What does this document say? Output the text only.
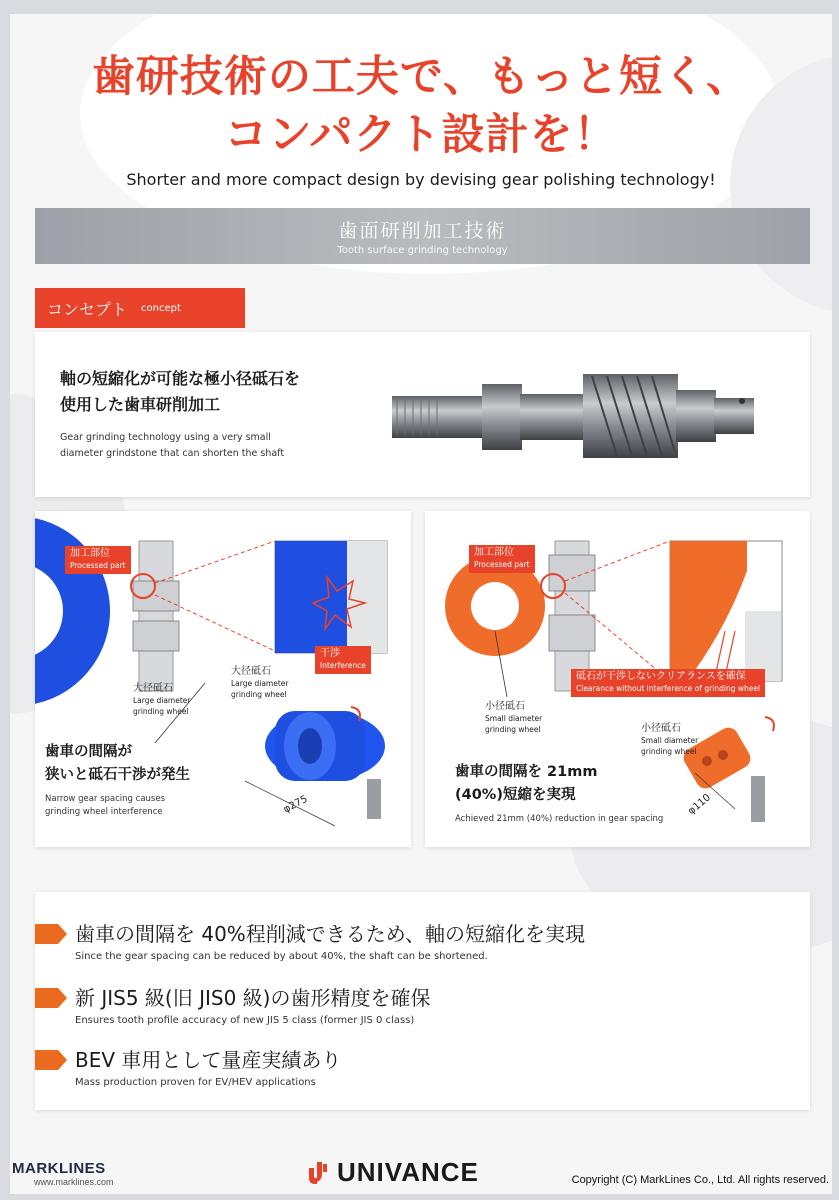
歯研技術の工夫で、もっと短く、
コンパクト設計を！
Shorter and more compact design by devising gear polishing technology!
歯面研削加工技術
Tooth surface grinding technology
コンセプト concept
軸の短縮化が可能な極小径砥石を
使用した歯車研削加工
Gear grinding technology using a very small
diameter grindstone that can shorten the shaft
加工部位
Processed part
干渉
Interference
大径砥石
Large diameter
grinding wheel
大径砥石
Large diameter
grinding wheel
φ275
歯車の間隔が
狭いと砥石干渉が発生
Narrow gear spacing causes
grinding wheel interference
加工部位
Processed part
砥石が干渉しないクリアランスを確保
Clearance without interference of grinding wheel
小径砥石
Small diameter
grinding wheel	小径砥石
Small diameter
grinding wheel
φ110
歯車の間隔を 21mm
(40%)短縮を実現
Achieved 21mm (40%) reduction in gear spacing
歯車の間隔を 40%程削減できるため、軸の短縮化を実現
Since the gear spacing can be reduced by about 40%, the shaft can be shortened.
新 JIS5 級(旧 JIS0 級)の歯形精度を確保
Ensures tooth profile accuracy of new JIS 5 class (former JIS 0 class)
BEV 車用として量産実績あり
Mass production proven for EV/HEV applications
UNIVANCE
MARKLINES
www.marklines.com	Copyright (C) MarkLines Co., Ltd. All rights reserved.
